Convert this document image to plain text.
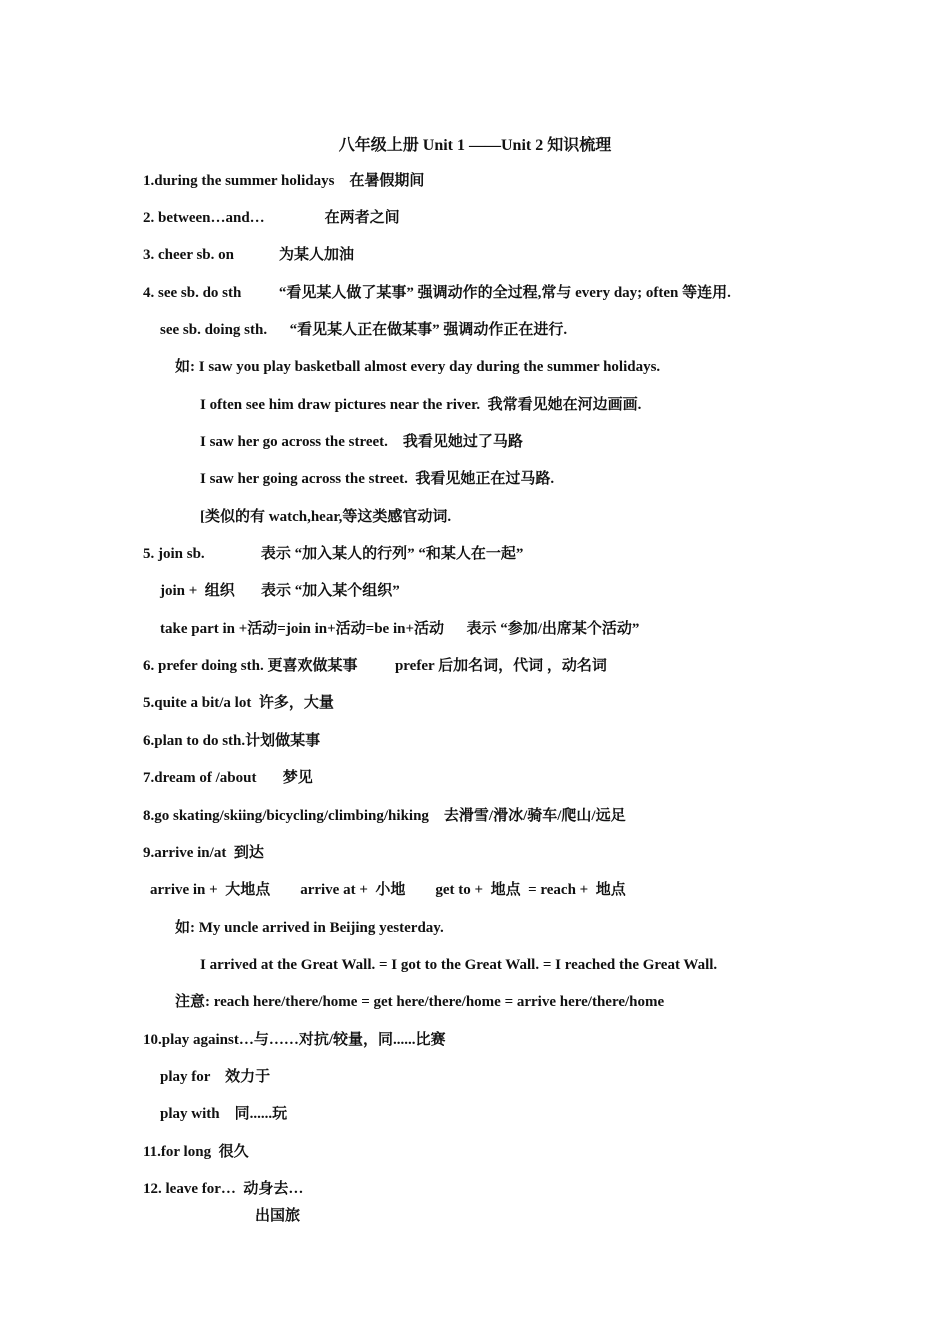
八年级上册 Unit 1 ——Unit 2 知识梳理
1.during the summer holidays    在暑假期间
2. between…and…                在两者之间
3. cheer sb. on            为某人加油
4. see sb. do sth          “看见某人做了某事” 强调动作的全过程,常与 every day; often 等连用.
see sb. doing sth.      “看见某人正在做某事” 强调动作正在进行.
如: I saw you play basketball almost every day during the summer holidays.
I often see him draw pictures near the river.  我常看见她在河边画画.
I saw her go across the street.    我看见她过了马路
I saw her going across the street.  我看见她正在过马路.
[类似的有 watch,hear,等这类感官动词.
5. join sb.               表示 “加入某人的行列” “和某人在一起”
join +  组织       表示 “加入某个组织”
take part in +活动=join in+活动=be in+活动      表示 “参加/出席某个活动”
6. prefer doing sth. 更喜欢做某事          prefer 后加名词，代词 ，动名词
5.quite a bit/a lot  许多，大量
6.plan to do sth.计划做某事
7.dream of /about       梦见
8.go skating/skiing/bicycling/climbing/hiking    去滑雪/滑冰/骑车/爬山/远足
9.arrive in/at  到达
arrive in +  大地点        arrive at +  小地        get to +  地点  = reach +  地点
如: My uncle arrived in Beijing yesterday.
I arrived at the Great Wall. = I got to the Great Wall. = I reached the Great Wall.
注意: reach here/there/home = get here/there/home = arrive here/there/home
10.play against…与……对抗/较量，同......比赛
play for    效力于
play with    同......玩
11.for long  很久
12. leave for…  动身去…
出国旅
